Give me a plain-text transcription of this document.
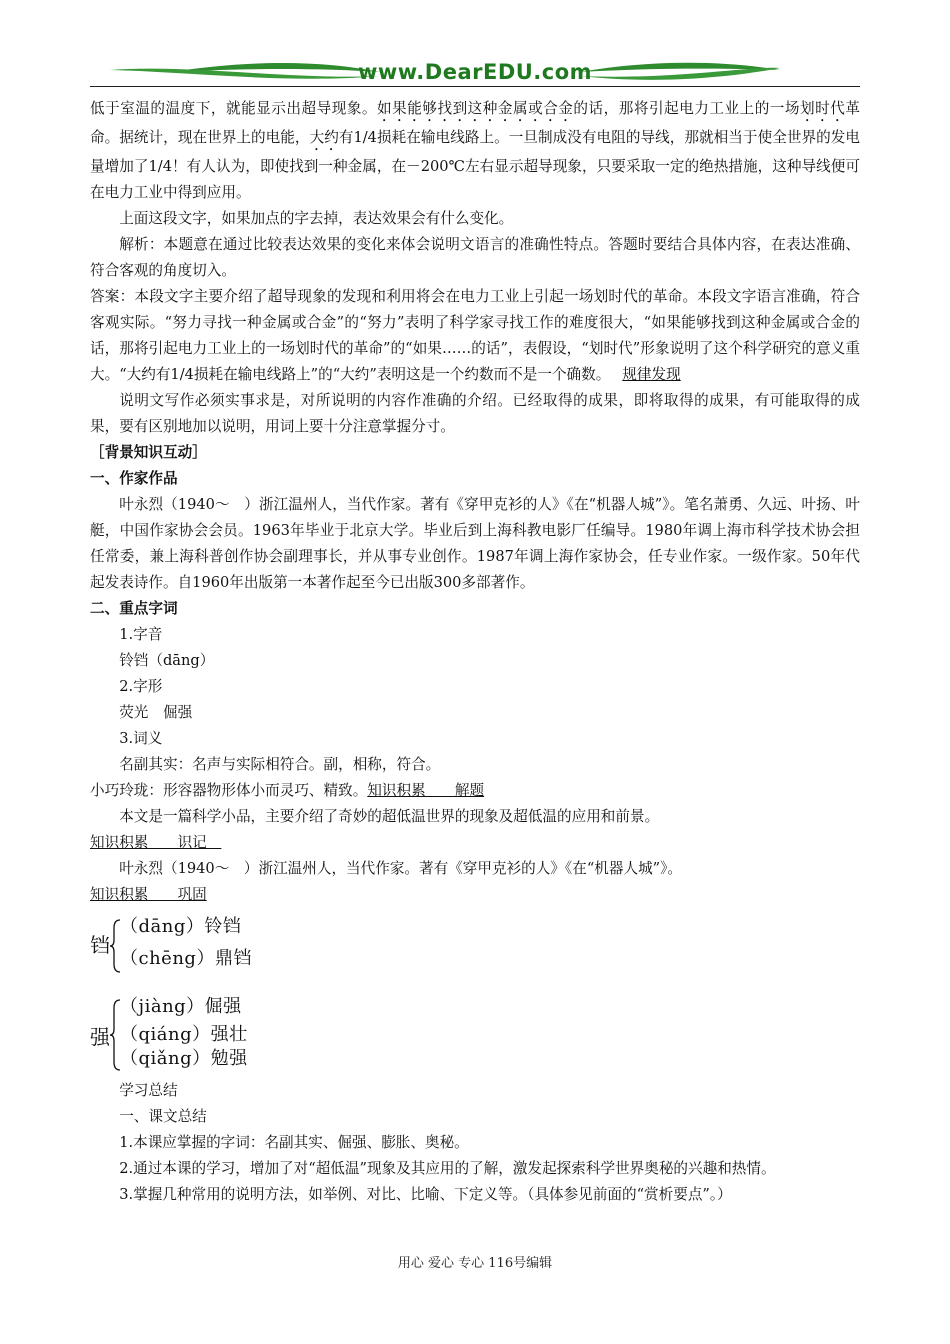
www.DearEDU.com

低于室温的温度下，就能显示出超导现象。如果能够找到这种金属或合金的话，那将引起电力工业上的一场划时代革命。据统计，现在世界上的电能，大约有1/4损耗在输电线路上。一旦制成没有电阻的导线，那就相当于使全世界的发电量增加了1/4！有人认为，即使找到一种金属，在－200℃左右显示超导现象，只要采取一定的绝热措施，这种导线便可在电力工业中得到应用。

上面这段文字，如果加点的字去掉，表达效果会有什么变化。

解析：本题意在通过比较表达效果的变化来体会说明文语言的准确性特点。答题时要结合具体内容，在表达准确、符合客观的角度切入。

答案：本段文字主要介绍了超导现象的发现和利用将会在电力工业上引起一场划时代的革命。本段文字语言准确，符合客观实际。“努力寻找一种金属或合金”的“努力”表明了科学家寻找工作的难度很大，“如果能够找到这种金属或合金的话，那将引起电力工业上的一场划时代的革命”的“如果……的话”，表假设，“划时代”形象说明了这个科学研究的意义重大。“大约有1/4损耗在输电线路上”的“大约”表明这是一个约数而不是一个确数。　 规律发现

说明文写作必须实事求是，对所说明的内容作准确的介绍。已经取得的成果，即将取得的成果，有可能取得的成果，要有区别地加以说明，用词上要十分注意掌握分寸。

［背景知识互动］

一、作家作品

叶永烈（1940～　）浙江温州人，当代作家。著有《穿甲克衫的人》《在“机器人城”》。笔名萧勇、久远、叶扬、叶艇，中国作家协会会员。1963年毕业于北京大学。毕业后到上海科教电影厂任编导。1980年调上海市科学技术协会担任常委，兼上海科普创作协会副理事长，并从事专业创作。1987年调上海作家协会，任专业作家。一级作家。50年代起发表诗作。自1960年出版第一本著作起至今已出版300多部著作。

二、重点字词

1.字音

铃铛（dāng）

2.字形

荧光　倔强

3.词义

名副其实：名声与实际相符合。副，相称，符合。

小巧玲珑：形容器物形体小而灵巧、精致。知识积累　　解题

本文是一篇科学小品，主要介绍了奇妙的超低温世界的现象及超低温的应用和前景。

知识积累　　识记　

叶永烈（1940～　）浙江温州人，当代作家。著有《穿甲克衫的人》《在“机器人城”》。

知识积累　　巩固

铛
（dāng）铃铛
（chēng）鼎铛
强
（jiàng）倔强
（qiáng）强壮
（qiǎng）勉强

学习总结

一、课文总结

1.本课应掌握的字词：名副其实、倔强、膨胀、奥秘。

2.通过本课的学习，增加了对“超低温”现象及其应用的了解，激发起探索科学世界奥秘的兴趣和热情。

3.掌握几种常用的说明方法，如举例、对比、比喻、下定义等。（具体参见前面的“赏析要点”。）

用心 爱心 专心 116号编辑
